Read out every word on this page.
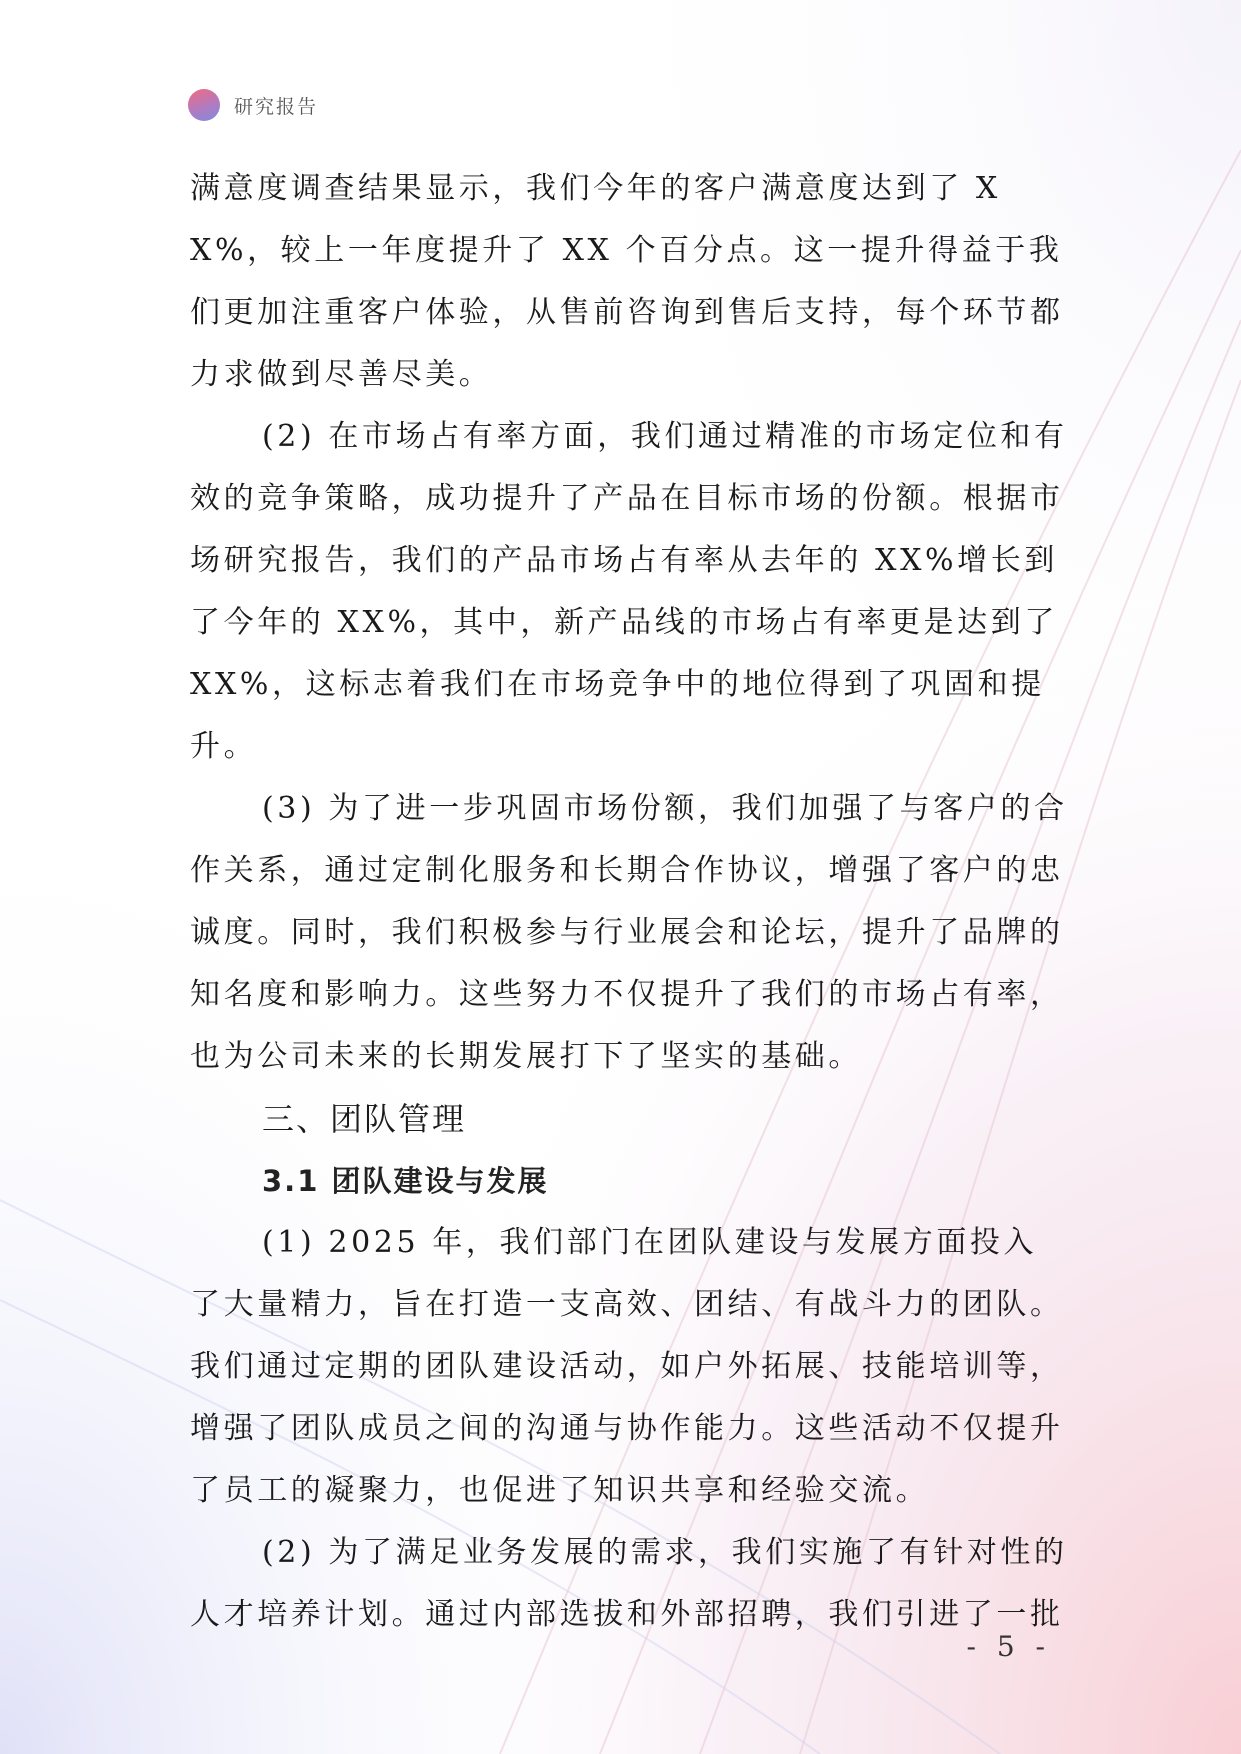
研究报告

满意度调查结果显示，我们今年的客户满意度达到了 XX%，较上一年度提升了 XX 个百分点。这一提升得益于我们更加注重客户体验，从售前咨询到售后支持，每个环节都力求做到尽善尽美。

(2) 在市场占有率方面，我们通过精准的市场定位和有效的竞争策略，成功提升了产品在目标市场的份额。根据市场研究报告，我们的产品市场占有率从去年的 XX%增长到了今年的 XX%，其中，新产品线的市场占有率更是达到了 XX%，这标志着我们在市场竞争中的地位得到了巩固和提升。

(3) 为了进一步巩固市场份额，我们加强了与客户的合作关系，通过定制化服务和长期合作协议，增强了客户的忠诚度。同时，我们积极参与行业展会和论坛，提升了品牌的知名度和影响力。这些努力不仅提升了我们的市场占有率，也为公司未来的长期发展打下了坚实的基础。

三、团队管理
3.1 团队建设与发展

(1) 2025 年，我们部门在团队建设与发展方面投入了大量精力，旨在打造一支高效、团结、有战斗力的团队。我们通过定期的团队建设活动，如户外拓展、技能培训等，增强了团队成员之间的沟通与协作能力。这些活动不仅提升了员工的凝聚力，也促进了知识共享和经验交流。

(2) 为了满足业务发展的需求，我们实施了有针对性的人才培养计划。通过内部选拔和外部招聘，我们引进了一批

- 5 -
